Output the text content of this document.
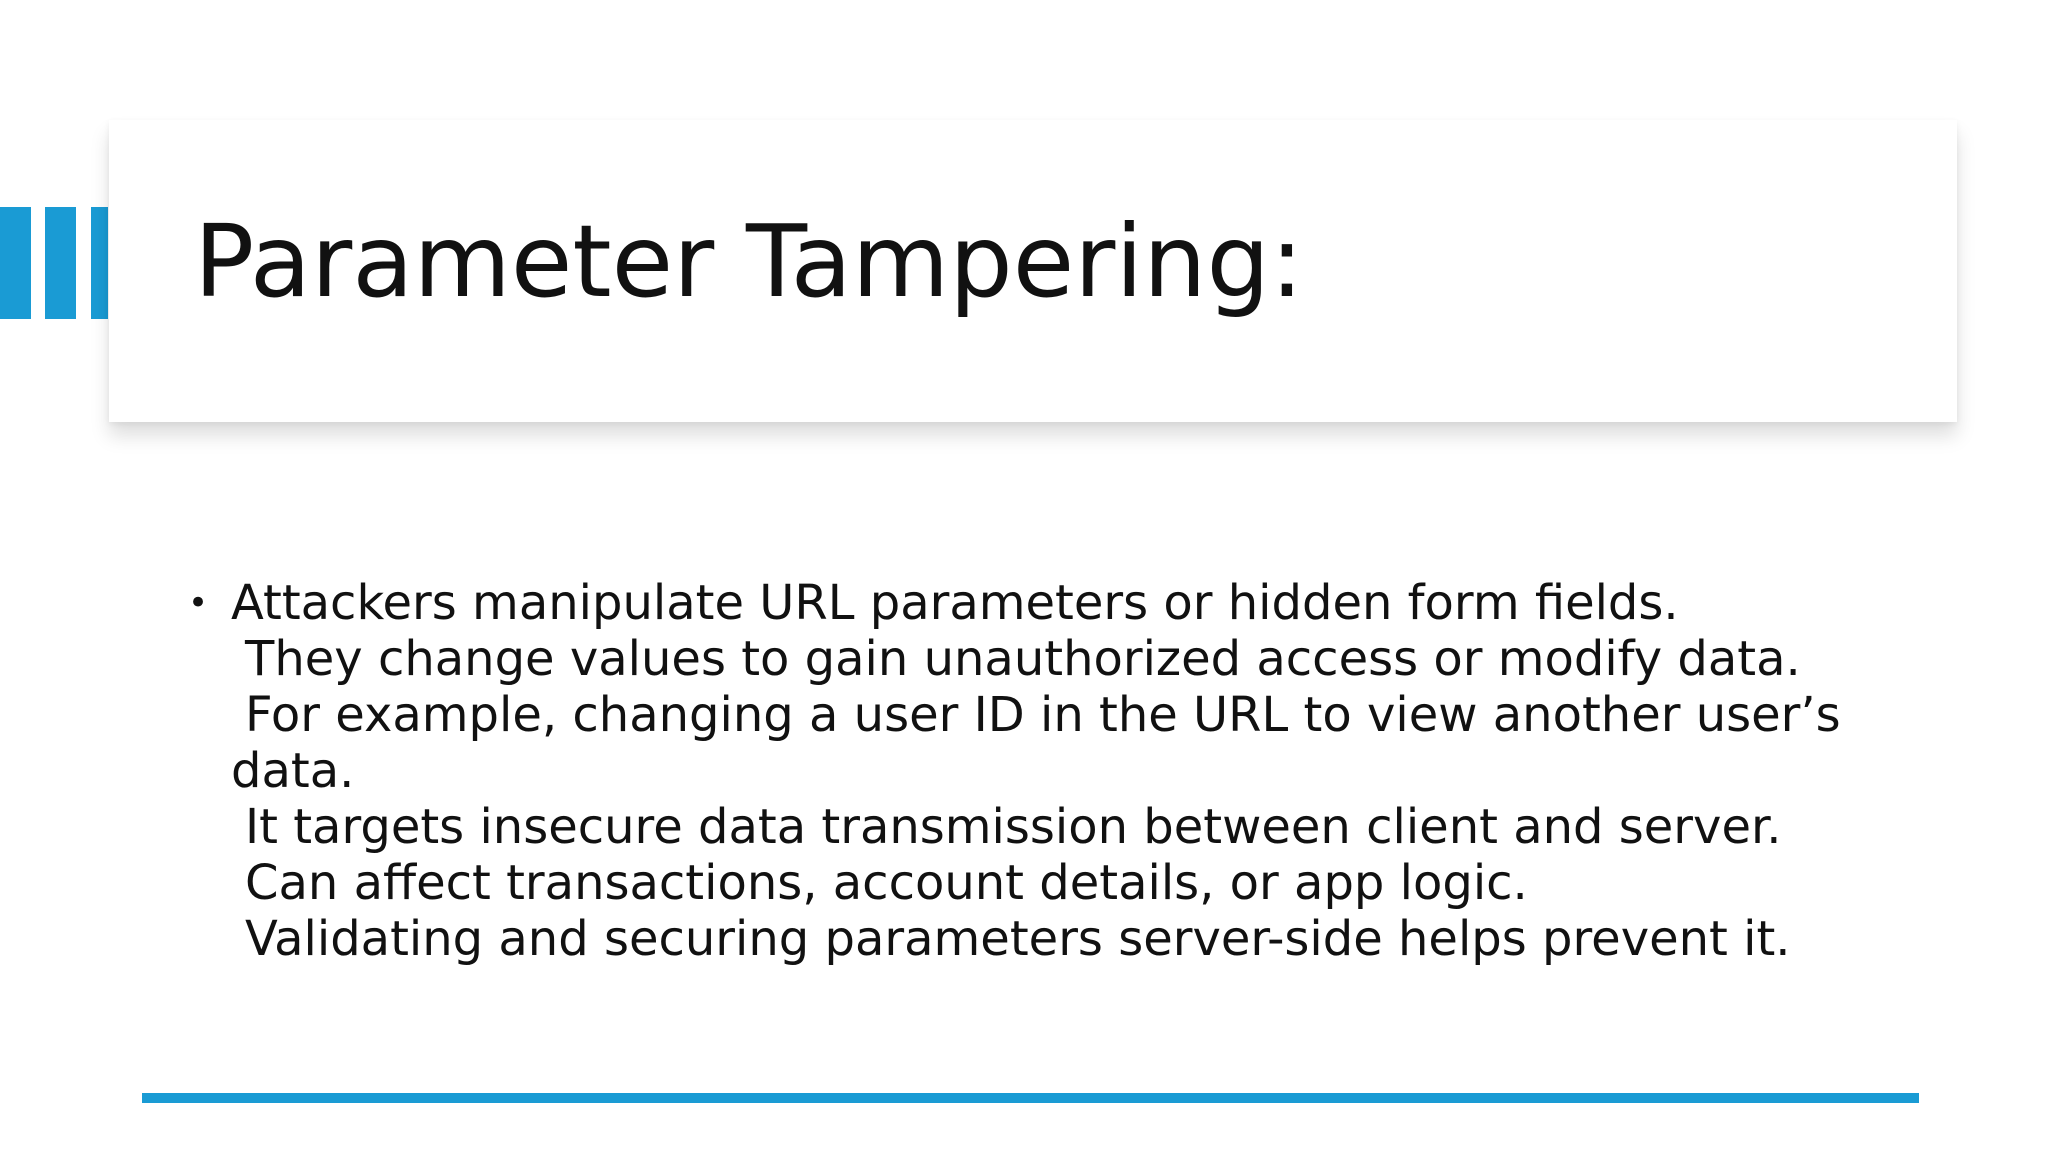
Parameter Tampering:
• Attackers manipulate URL parameters or hidden form fields.
They change values to gain unauthorized access or modify data.
For example, changing a user ID in the URL to view another user’s
data.
It targets insecure data transmission between client and server.
Can affect transactions, account details, or app logic.
Validating and securing parameters server-side helps prevent it.
